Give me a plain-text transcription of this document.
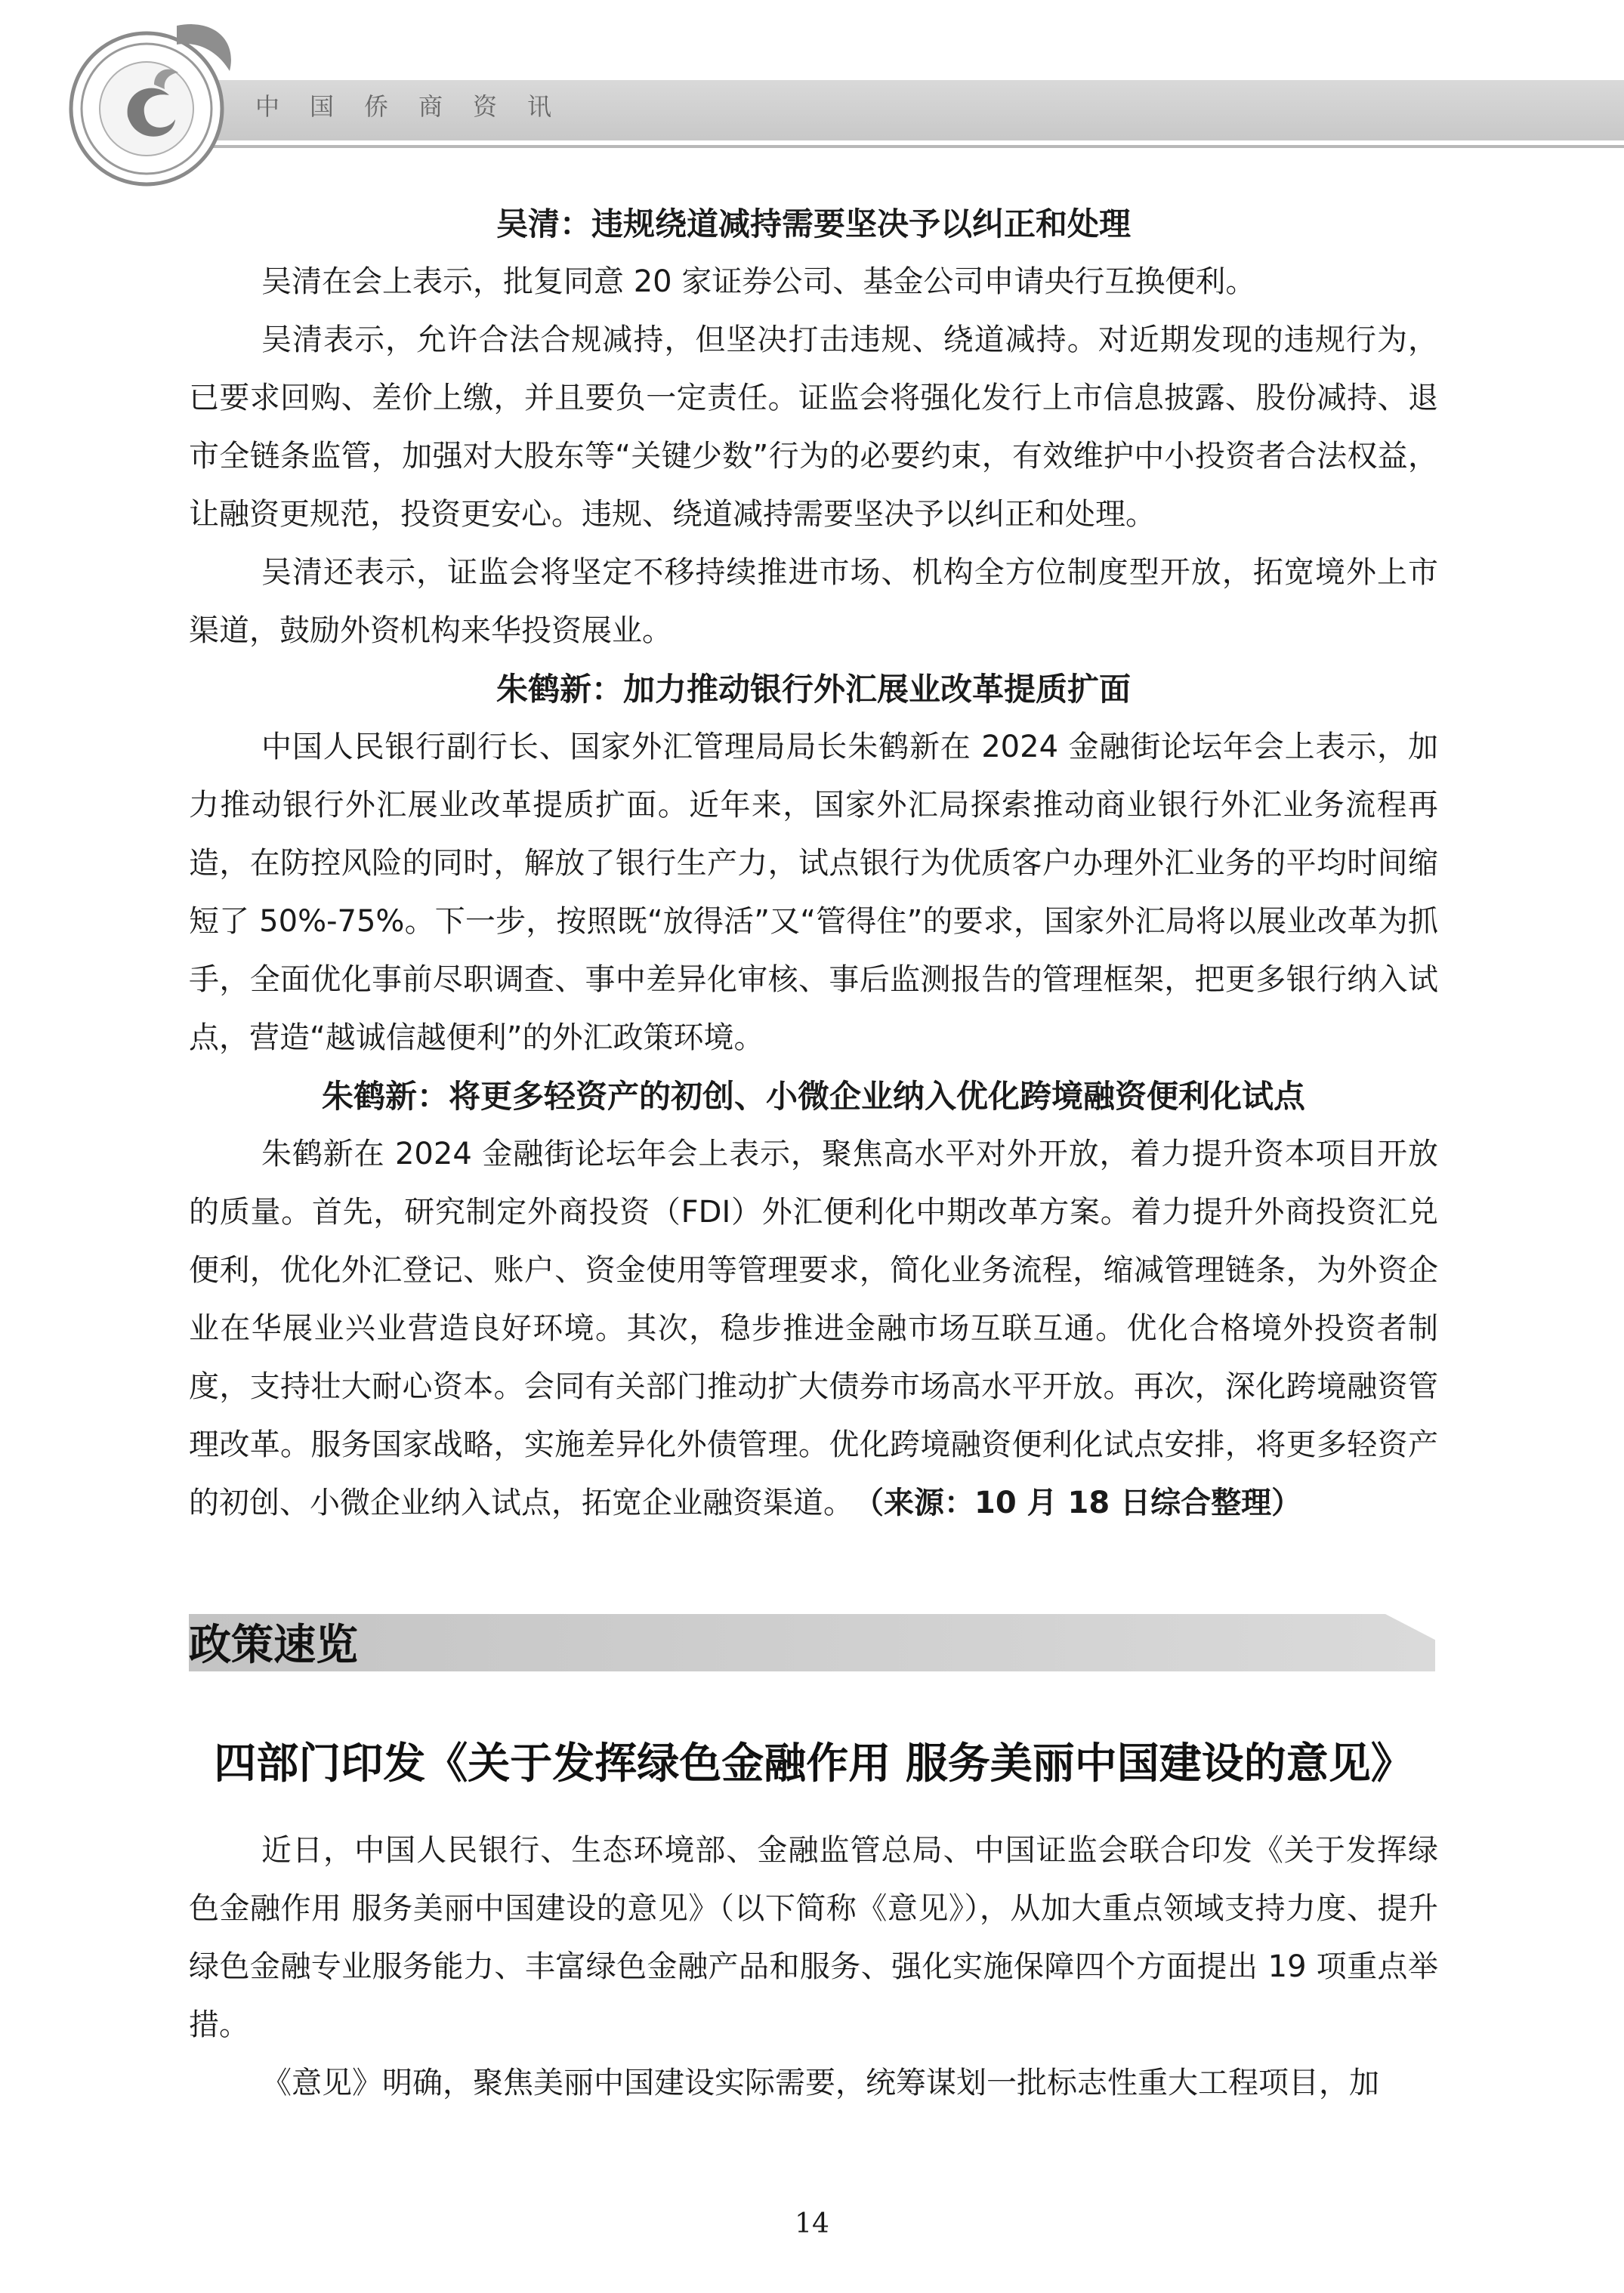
中国侨商资讯
吴清：违规绕道减持需要坚决予以纠正和处理

吴清在会上表示，批复同意 20 家证券公司、基金公司申请央行互换便利。

吴清表示，允许合法合规减持，但坚决打击违规、绕道减持。对近期发现的违规行为，已要求回购、差价上缴，并且要负一定责任。证监会将强化发行上市信息披露、股份减持、退市全链条监管，加强对大股东等“关键少数”行为的必要约束，有效维护中小投资者合法权益，让融资更规范，投资更安心。违规、绕道减持需要坚决予以纠正和处理。

吴清还表示，证监会将坚定不移持续推进市场、机构全方位制度型开放，拓宽境外上市渠道，鼓励外资机构来华投资展业。

朱鹤新：加力推动银行外汇展业改革提质扩面

中国人民银行副行长、国家外汇管理局局长朱鹤新在 2024 金融街论坛年会上表示，加力推动银行外汇展业改革提质扩面。近年来，国家外汇局探索推动商业银行外汇业务流程再造，在防控风险的同时，解放了银行生产力，试点银行为优质客户办理外汇业务的平均时间缩短了 50%-75%。下一步，按照既“放得活”又“管得住”的要求，国家外汇局将以展业改革为抓手，全面优化事前尽职调查、事中差异化审核、事后监测报告的管理框架，把更多银行纳入试点，营造“越诚信越便利”的外汇政策环境。

朱鹤新：将更多轻资产的初创、小微企业纳入优化跨境融资便利化试点

朱鹤新在 2024 金融街论坛年会上表示，聚焦高水平对外开放，着力提升资本项目开放的质量。首先，研究制定外商投资（FDI）外汇便利化中期改革方案。着力提升外商投资汇兑便利，优化外汇登记、账户、资金使用等管理要求，简化业务流程，缩减管理链条，为外资企业在华展业兴业营造良好环境。其次，稳步推进金融市场互联互通。优化合格境外投资者制度，支持壮大耐心资本。会同有关部门推动扩大债券市场高水平开放。再次，深化跨境融资管理改革。服务国家战略，实施差异化外债管理。优化跨境融资便利化试点安排，将更多轻资产的初创、小微企业纳入试点，拓宽企业融资渠道。　 （来源：10 月 18 日综合整理）

政策速览
四部门印发《关于发挥绿色金融作用 服务美丽中国建设的意见》

近日，中国人民银行、生态环境部、金融监管总局、中国证监会联合印发《关于发挥绿色金融作用 服务美丽中国建设的意见》（以下简称《意见》），从加大重点领域支持力度、提升绿色金融专业服务能力、丰富绿色金融产品和服务、强化实施保障四个方面提出 19 项重点举措。

《意见》明确，聚焦美丽中国建设实际需要，统筹谋划一批标志性重大工程项目，加

14
